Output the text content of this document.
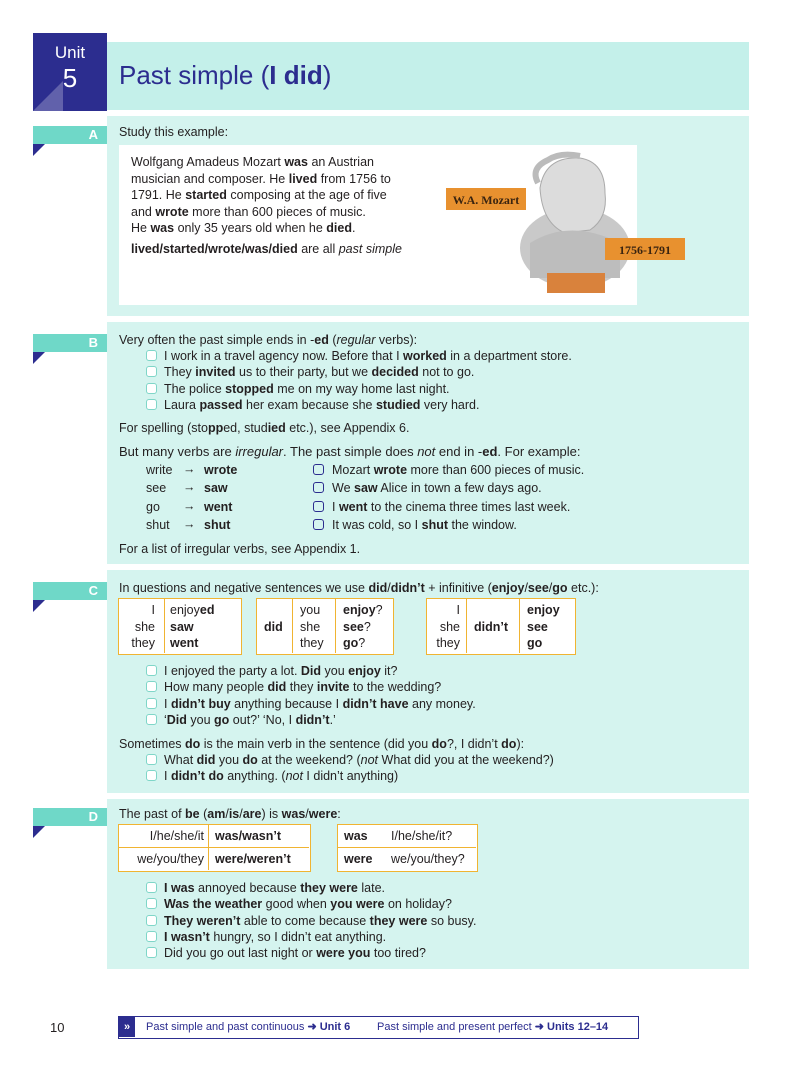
Unit
5	Past simple (I did)
A	Study this example:
Wolfgang Amadeus Mozart was an Austrian
musician and composer. He lived from 1756 to
1791. He started composing at the age of five
and wrote more than 600 pieces of music.
He was only 35 years old when he died.
lived/started/wrote/was/died are all past simple
W.A. Mozart
1756-1791
B	Very often the past simple ends in -ed (regular verbs):
I work in a travel agency now. Before that I worked in a department store.
They invited us to their party, but we decided not to go.
The police stopped me on my way home last night.
Laura passed her exam because she studied very hard.
For spelling (stopped, studied etc.), see Appendix 6.
But many verbs are irregular. The past simple does not end in -ed. For example:
write → wrote	Mozart wrote more than 600 pieces of music.
see → saw	We saw Alice in town a few days ago.
go → went	I went to the cinema three times last week.
shut → shut	It was cold, so I shut the window.
For a list of irregular verbs, see Appendix 1.
C	In questions and negative sentences we use did/didn’t + infinitive (enjoy/see/go etc.):
I enjoyed
she saw
they went
did
you enjoy?
she see?
they go?
I	enjoy
she	see
they	go
didn’t
I enjoyed the party a lot. Did you enjoy it?
How many people did they invite to the wedding?
I didn’t buy anything because I didn’t have any money.
‘Did you go out?’ ‘No, I didn’t.’
Sometimes do is the main verb in the sentence (did you do?, I didn’t do):
What did you do at the weekend? (not What did you at the weekend?)
I didn’t do anything. (not I didn’t anything)
D	The past of be (am/is/are) is was/were:
I/he/she/it was/wasn’t
we/you/they were/weren’t
was I/he/she/it?
were we/you/they?
I was annoyed because they were late.
Was the weather good when you were on holiday?
They weren’t able to come because they were so busy.
I wasn’t hungry, so I didn’t eat anything.
Did you go out last night or were you too tired?
10	»	Past simple and past continuous ➜ Unit 6 Past simple and present perfect ➜ Units 12–14
